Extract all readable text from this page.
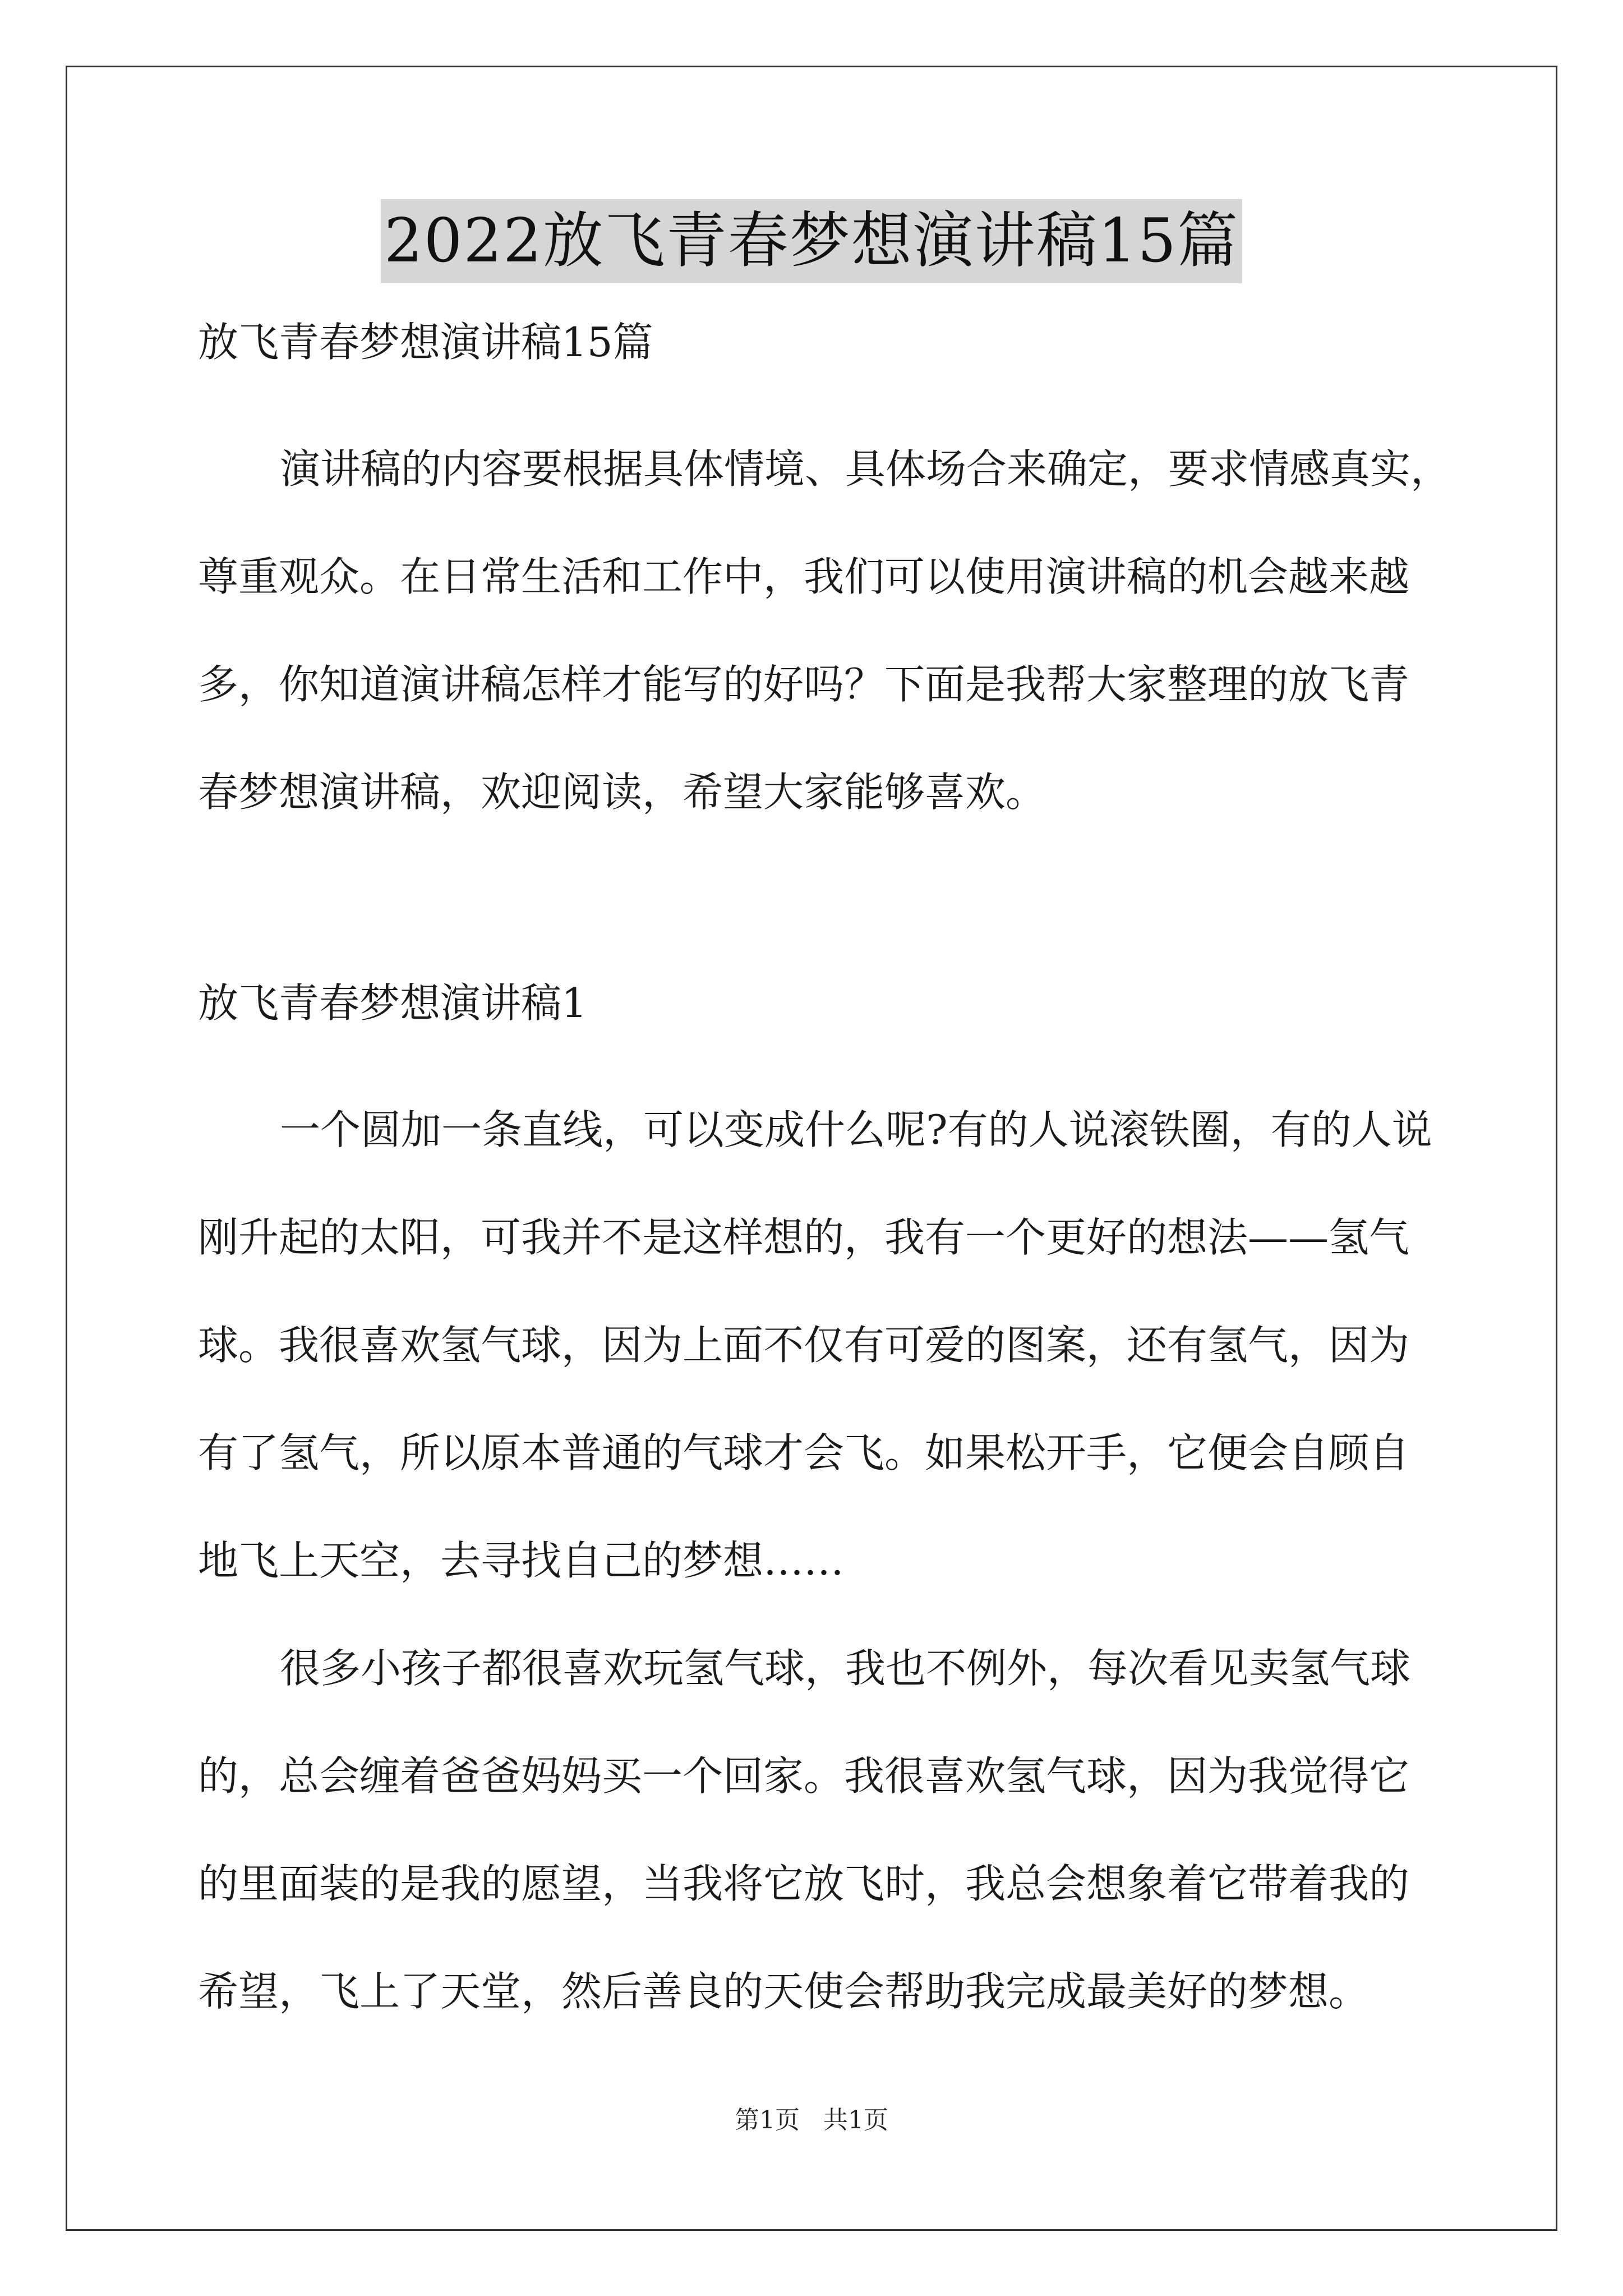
2022放飞青春梦想演讲稿15篇
放飞青春梦想演讲稿15篇
演讲稿的内容要根据具体情境、具体场合来确定，要求情感真实，
尊重观众。在日常生活和工作中，我们可以使用演讲稿的机会越来越
多，你知道演讲稿怎样才能写的好吗？下面是我帮大家整理的放飞青
春梦想演讲稿，欢迎阅读，希望大家能够喜欢。
放飞青春梦想演讲稿1
一个圆加一条直线，可以变成什么呢?有的人说滚铁圈，有的人说
刚升起的太阳，可我并不是这样想的，我有一个更好的想法——氢气
球。我很喜欢氢气球，因为上面不仅有可爱的图案，还有氢气，因为
有了氢气，所以原本普通的气球才会飞。如果松开手，它便会自顾自
地飞上天空，去寻找自己的梦想……
很多小孩子都很喜欢玩氢气球，我也不例外，每次看见卖氢气球
的，总会缠着爸爸妈妈买一个回家。我很喜欢氢气球，因为我觉得它
的里面装的是我的愿望，当我将它放飞时，我总会想象着它带着我的
希望，飞上了天堂，然后善良的天使会帮助我完成最美好的梦想。
第1页 共1页
